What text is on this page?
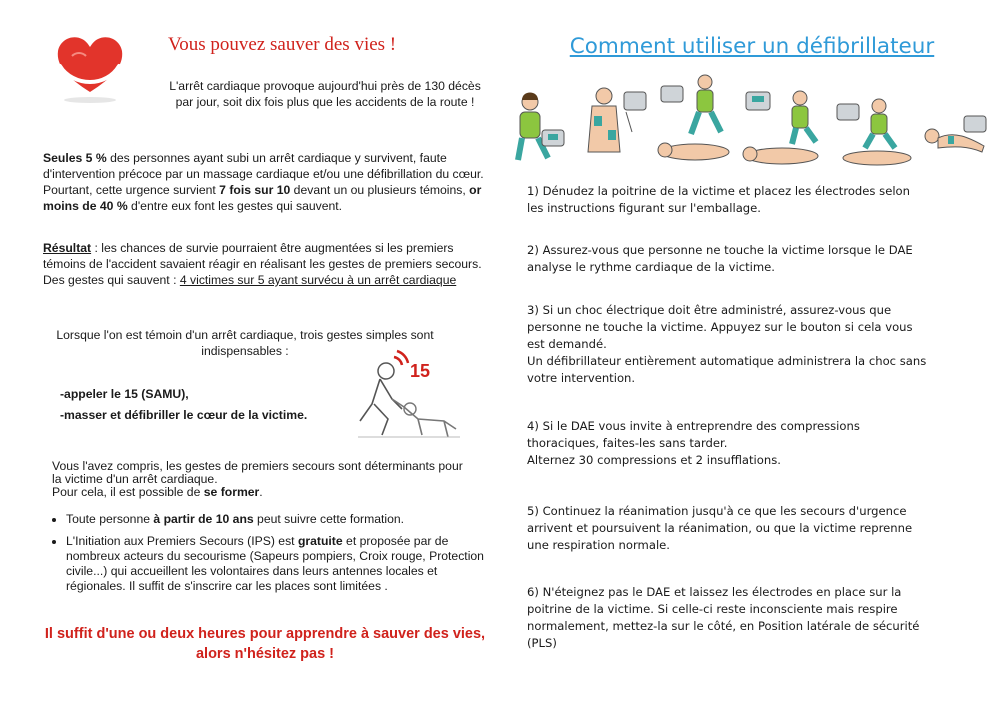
Vous pouvez sauver des vies !
L'arrêt cardiaque provoque aujourd'hui près de 130 décès par jour, soit dix fois plus que les accidents de la route !
Seules 5 % des personnes ayant subi un arrêt cardiaque y survivent, faute d'intervention précoce par un massage cardiaque et/ou une défibrillation du cœur.
Pourtant, cette urgence survient 7 fois sur 10 devant un ou plusieurs témoins, or moins de 40 % d'entre eux font les gestes qui sauvent.
Résultat : les chances de survie pourraient être augmentées si les premiers témoins de l'accident savaient réagir en réalisant les gestes de premiers secours.
Des gestes qui sauvent : 4 victimes sur 5 ayant survécu à un arrêt cardiaque
Lorsque l'on est témoin d'un arrêt cardiaque, trois gestes simples sont indispensables :
-appeler le 15 (SAMU),
-masser et défibriller le cœur de la victime.
15
Vous l'avez compris, les gestes de premiers secours sont déterminants pour la victime d'un arrêt cardiaque.
Pour cela, il est possible de se former.
• Toute personne à partir de 10 ans peut suivre cette formation.
• L'Initiation aux Premiers Secours (IPS) est gratuite et proposée par de nombreux acteurs du secourisme (Sapeurs pompiers, Croix rouge, Protection civile...) qui accueillent les volontaires dans leurs antennes locales et régionales. Il suffit de s'inscrire car les places sont limitées .
Il suffit d'une ou deux heures pour apprendre à sauver des vies, alors n'hésitez pas !
Comment utiliser un défibrillateur

1) Dénudez la poitrine de la victime et placez les électrodes selon les instructions figurant sur l'emballage.

2) Assurez-vous que personne ne touche la victime lorsque le DAE analyse le rythme cardiaque de la victime.

3) Si un choc électrique doit être administré, assurez-vous que personne ne touche la victime. Appuyez sur le bouton si cela vous est demandé.

Un défibrillateur entièrement automatique administrera la choc sans votre intervention.

4) Si le DAE vous invite à entreprendre des compressions thoraciques, faites-les sans tarder.

Alternez 30 compressions et 2 insufflations.

5) Continuez la réanimation jusqu'à ce que les secours d'urgence arrivent et poursuivent la réanimation, ou que la victime reprenne une respiration normale.

6) N'éteignez pas le DAE et laissez les électrodes en place sur la poitrine de la victime. Si celle-ci reste inconsciente mais respire normalement, mettez-la sur le côté, en Position latérale de sécurité (PLS)
